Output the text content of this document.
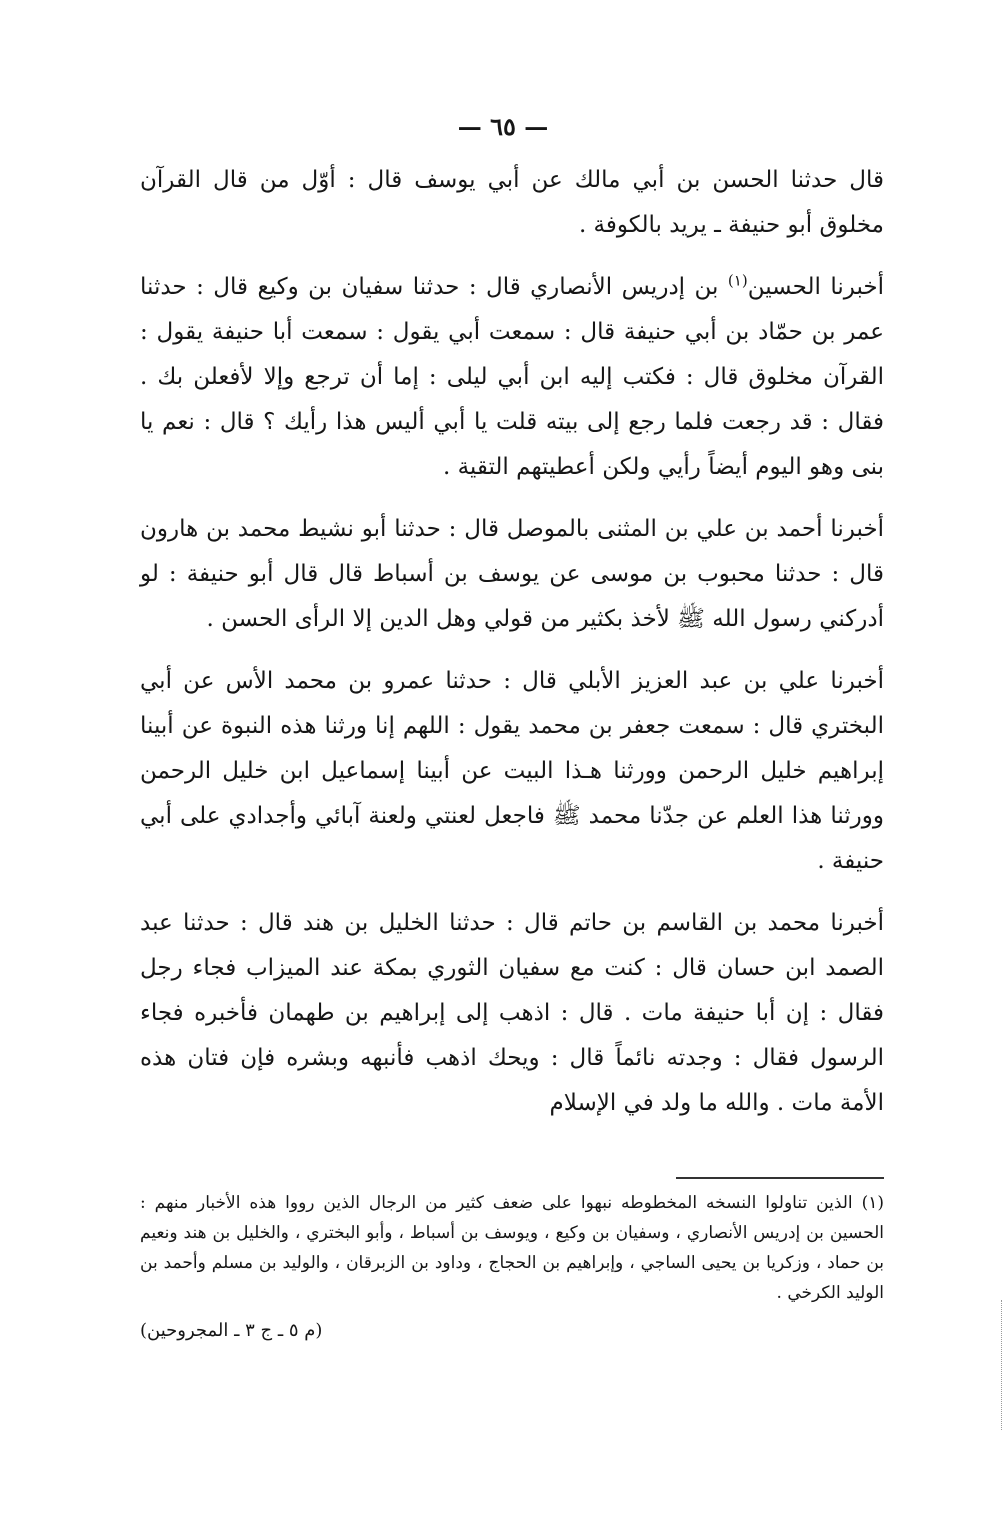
— ٦٥ —

قال حدثنا الحسن بن أبي مالك عن أبي يوسف قال : أوّل من قال القرآن مخلوق أبو حنيفة ـ يريد بالكوفة .

أخبرنا الحسين$^{(١)}$ بن إدريس الأنصاري قال : حدثنا سفيان بن وكيع قال : حدثنا عمر بن حمّاد بن أبي حنيفة قال : سمعت أبي يقول : سمعت أبا حنيفة يقول : القرآن مخلوق قال : فكتب إليه ابن أبي ليلى : إما أن ترجع وإلا لأفعلن بك . فقال : قد رجعت فلما رجع إلى بيته قلت يا أبي أليس هذا رأيك ؟ قال : نعم يا بنى وهو اليوم أيضاً رأيي ولكن أعطيتهم التقية .

أخبرنا أحمد بن علي بن المثنى بالموصل قال : حدثنا أبو نشيط محمد بن هارون قال : حدثنا محبوب بن موسى عن يوسف بن أسباط قال قال أبو حنيفة : لو أدركني رسول الله ﷺ لأخذ بكثير من قولي وهل الدين إلا الرأى الحسن .

أخبرنا علي بن عبد العزيز الأبلي قال : حدثنا عمرو بن محمد الأس عن أبي البختري قال : سمعت جعفر بن محمد يقول : اللهم إنا ورثنا هذه النبوة عن أبينا إبراهيم خليل الرحمن وورثنا هـذا البيت عن أبينا إسماعيل ابن خليل الرحمن وورثنا هذا العلم عن جدّنا محمد ﷺ فاجعل لعنتي ولعنة آبائي وأجدادي على أبي حنيفة .

أخبرنا محمد بن القاسم بن حاتم قال : حدثنا الخليل بن هند قال : حدثنا عبد الصمد ابن حسان قال : كنت مع سفيان الثوري بمكة عند الميزاب فجاء رجل فقال : إن أبا حنيفة مات . قال : اذهب إلى إبراهيم بن طهمان فأخبره فجاء الرسول فقال : وجدته نائماً قال : ويحك اذهب فأنبهه وبشره فإن فتان هذه الأمة مات . والله ما ولد في الإسلام

(١) الذين تناولوا النسخه المخطوطه نبهوا على ضعف كثير من الرجال الذين رووا هذه الأخبار منهم : الحسين بن إدريس الأنصاري ، وسفيان بن وكيع ، ويوسف بن أسباط ، وأبو البختري ، والخليل بن هند ونعيم بن حماد ، وزكريا بن يحيى الساجي ، وإبراهيم بن الحجاج ، وداود بن الزبرقان ، والوليد بن مسلم وأحمد بن الوليد الكرخي .

(م ٥ ـ ج ٣ ـ المجروحين)
